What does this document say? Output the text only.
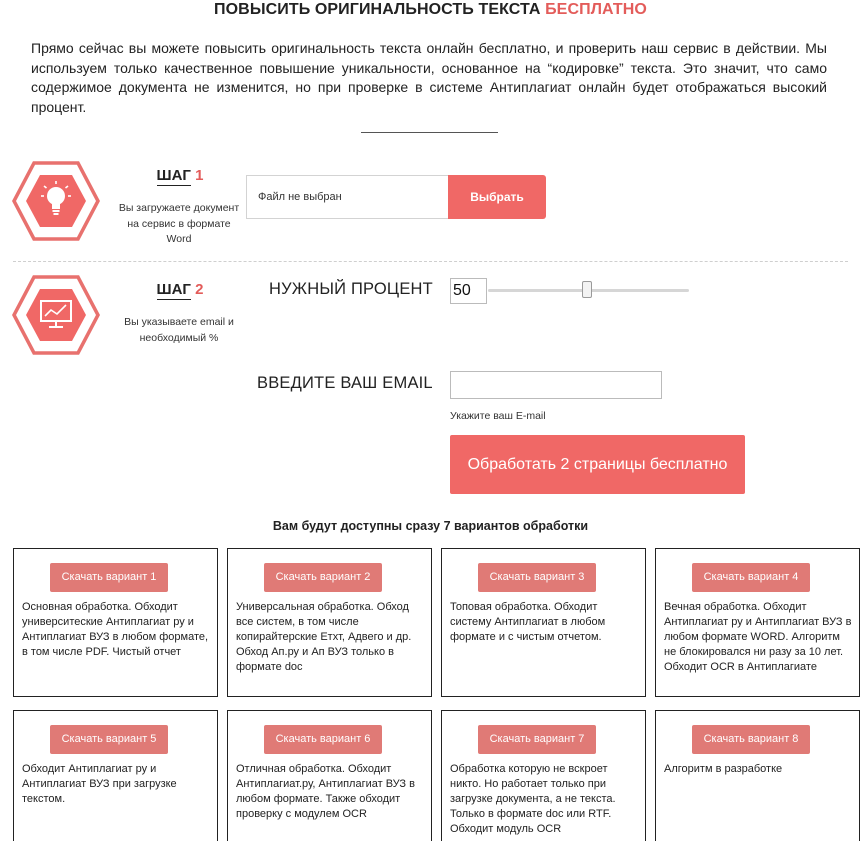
ПОВЫСИТЬ ОРИГИНАЛЬНОСТЬ ТЕКСТА БЕСПЛАТНО

Прямо сейчас вы можете повысить оригинальность текста онлайн бесплатно, и проверить наш сервис в действии. Мы используем только качественное повышение уникальности, основанное на “кодировке” текста. Это значит, что само содержимое документа не изменится, но при проверке в системе Антиплагиат онлайн будет отображаться высокий процент.

ШАГ 1
Вы загружаете документ на сервис в формате Word
Файл не выбран	Выбрать
ШАГ 2
Вы указываете email и необходимый %
НУЖНЫЙ ПРОЦЕНТ 50
ВВЕДИТЕ ВАШ EMAIL
Укажите ваш E-mail
Обработать 2 страницы бесплатно
Вам будут доступны сразу 7 вариантов обработки
Скачать вариант 1
Основная обработка. Обходит университеские Антиплагиат ру и Антиплагиат ВУЗ в любом формате, в том числе PDF. Чистый отчет
Скачать вариант 2
Универсальная обработка. Обход все систем, в том числе копирайтерские Етхт, Адвего и др. Обход Ап.ру и Ап ВУЗ только в формате doc
Скачать вариант 3
Топовая обработка. Обходит систему Антиплагиат в любом формате и с чистым отчетом.
Скачать вариант 4
Вечная обработка. Обходит Антиплагиат ру и Антиплагиат ВУЗ в любом формате WORD. Алгоритм не блокировался ни разу за 10 лет. Обходит OCR в Антиплагиате
Скачать вариант 5
Обходит Антиплагиат ру и Антиплагиат ВУЗ при загрузке текстом.
Скачать вариант 6
Отличная обработка. Обходит Антиплагиат.ру, Антиплагиат ВУЗ в любом формате. Также обходит проверку с модулем OCR
Скачать вариант 7
Обработка которую не вскроет никто. Но работает только при загрузке документа, а не текста. Только в формате doc или RTF. Обходит модуль OCR
Скачать вариант 8
Алгоритм в разработке
